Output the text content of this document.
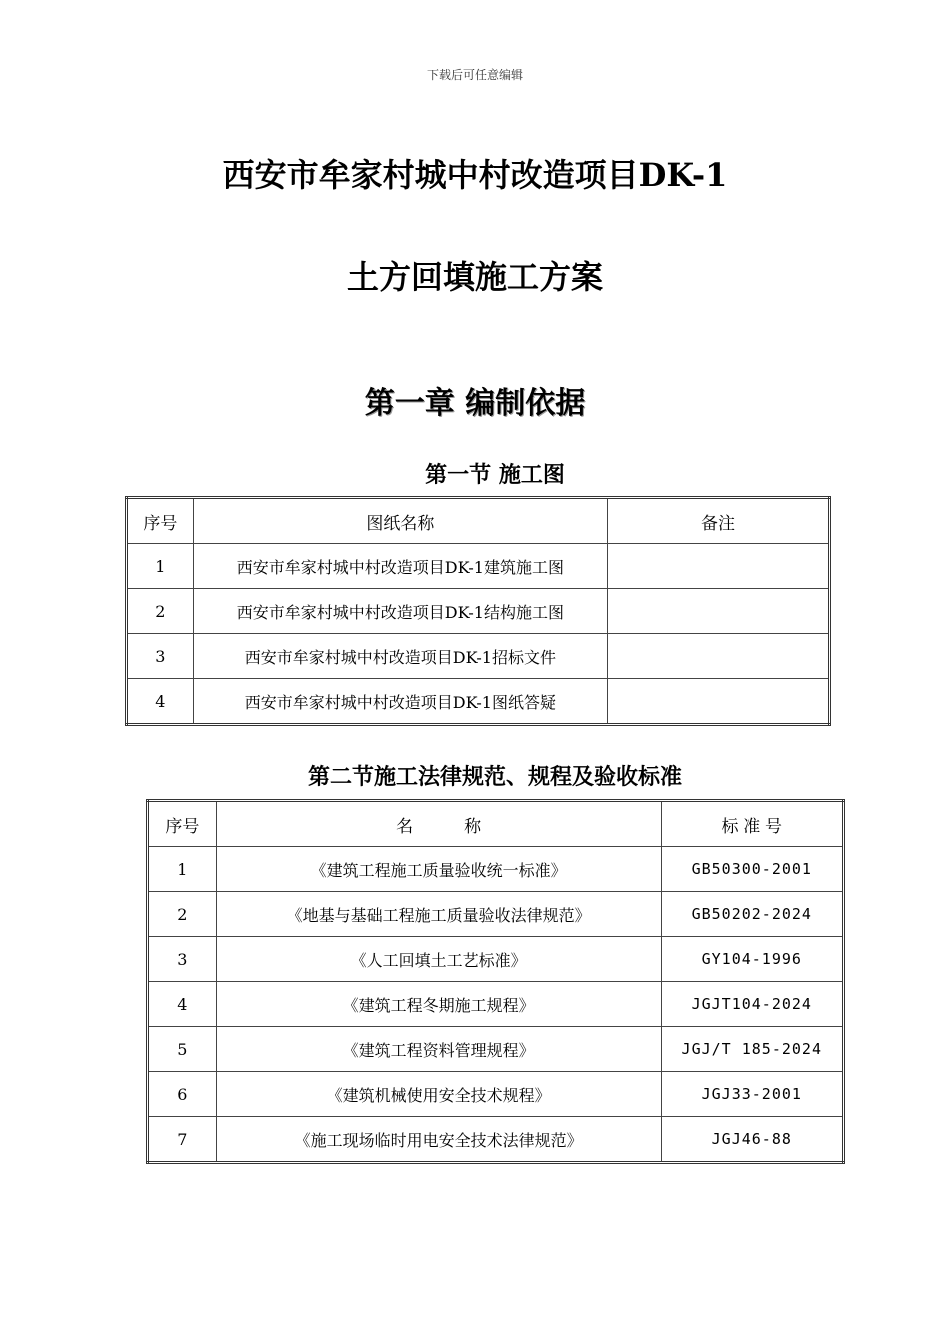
下载后可任意编辑
西安市牟家村城中村改造项目DK-1
土方回填施工方案
第一章 编制依据
第一节 施工图
序号	图纸名称	备注
1	西安市牟家村城中村改造项目DK-1建筑施工图	
2	西安市牟家村城中村改造项目DK-1结构施工图	
3	西安市牟家村城中村改造项目DK-1招标文件	
4	西安市牟家村城中村改造项目DK-1图纸答疑	
第二节施工法律规范、规程及验收标准
序号	名　　　称	标 准 号
1	《建筑工程施工质量验收统一标准》	GB50300-2001
2	《地基与基础工程施工质量验收法律规范》	GB50202-2024
3	《人工回填土工艺标准》	GY104-1996
4	《建筑工程冬期施工规程》	JGJT104-2024
5	《建筑工程资料管理规程》	JGJ/T 185-2024
6	《建筑机械使用安全技术规程》	JGJ33-2001
7	《施工现场临时用电安全技术法律规范》	JGJ46-88
